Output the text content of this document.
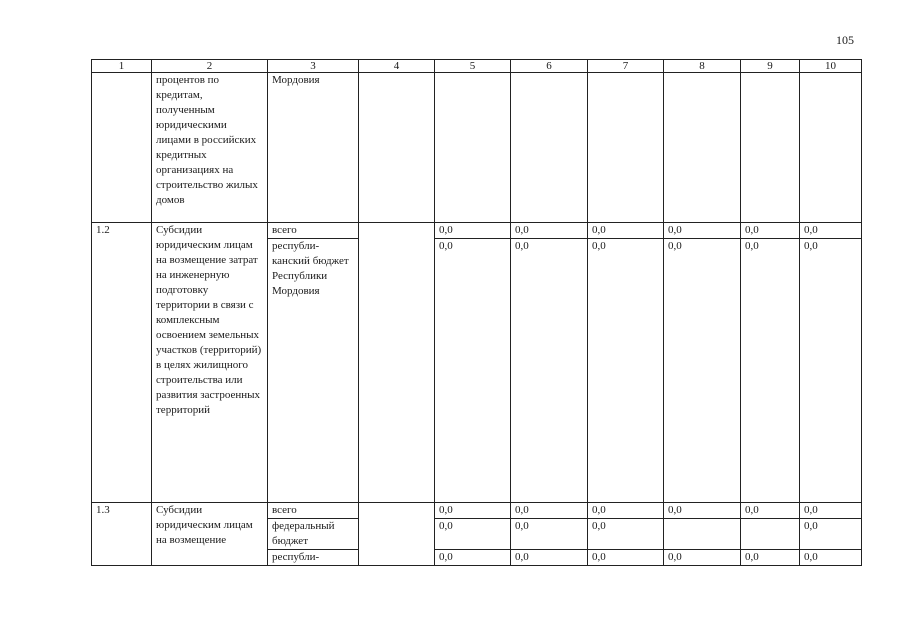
105
1	2	3	4	5	6	7	8	9	10
	процентов по кредитам, полученным юридическими лицами в российских кредитных организациях на строительство жилых домов	Мордовия							
1.2	Субсидии юридическим лицам на возмещение затрат на инженерную подготовку территории в связи с комплексным освоением земельных участков (территорий) в целях жилищного строительства или развития застроенных территорий	всего		0,0	0,0	0,0	0,0	0,0	0,0
		республи-канский бюджет Республики Мордовия		0,0	0,0	0,0	0,0	0,0	0,0
1.3	Субсидии юридическим лицам на возмещение	всего		0,0	0,0	0,0	0,0	0,0	0,0
		федеральный бюджет		0,0	0,0	0,0			0,0
		республи-		0,0	0,0	0,0	0,0	0,0	0,0
